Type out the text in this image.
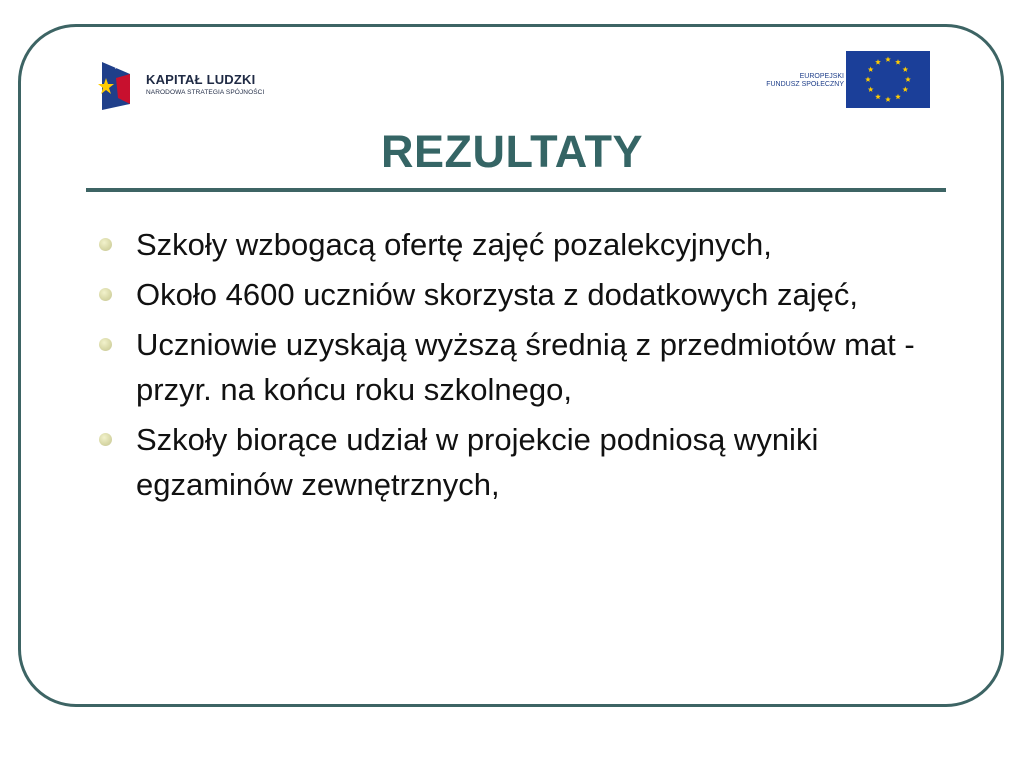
KAPITAŁ LUDZKI
NARODOWA STRATEGIA SPÓJNOŚCI
EUROPEJSKI
FUNDUSZ SPOŁECZNY
REZULTATY
Szkoły wzbogacą ofertę zajęć pozalekcyjnych,
Około 4600 uczniów skorzysta z dodatkowych zajęć,
Uczniowie uzyskają wyższą średnią z przedmiotów mat - przyr. na końcu roku szkolnego,
Szkoły biorące udział w projekcie podniosą wyniki egzaminów zewnętrznych,
